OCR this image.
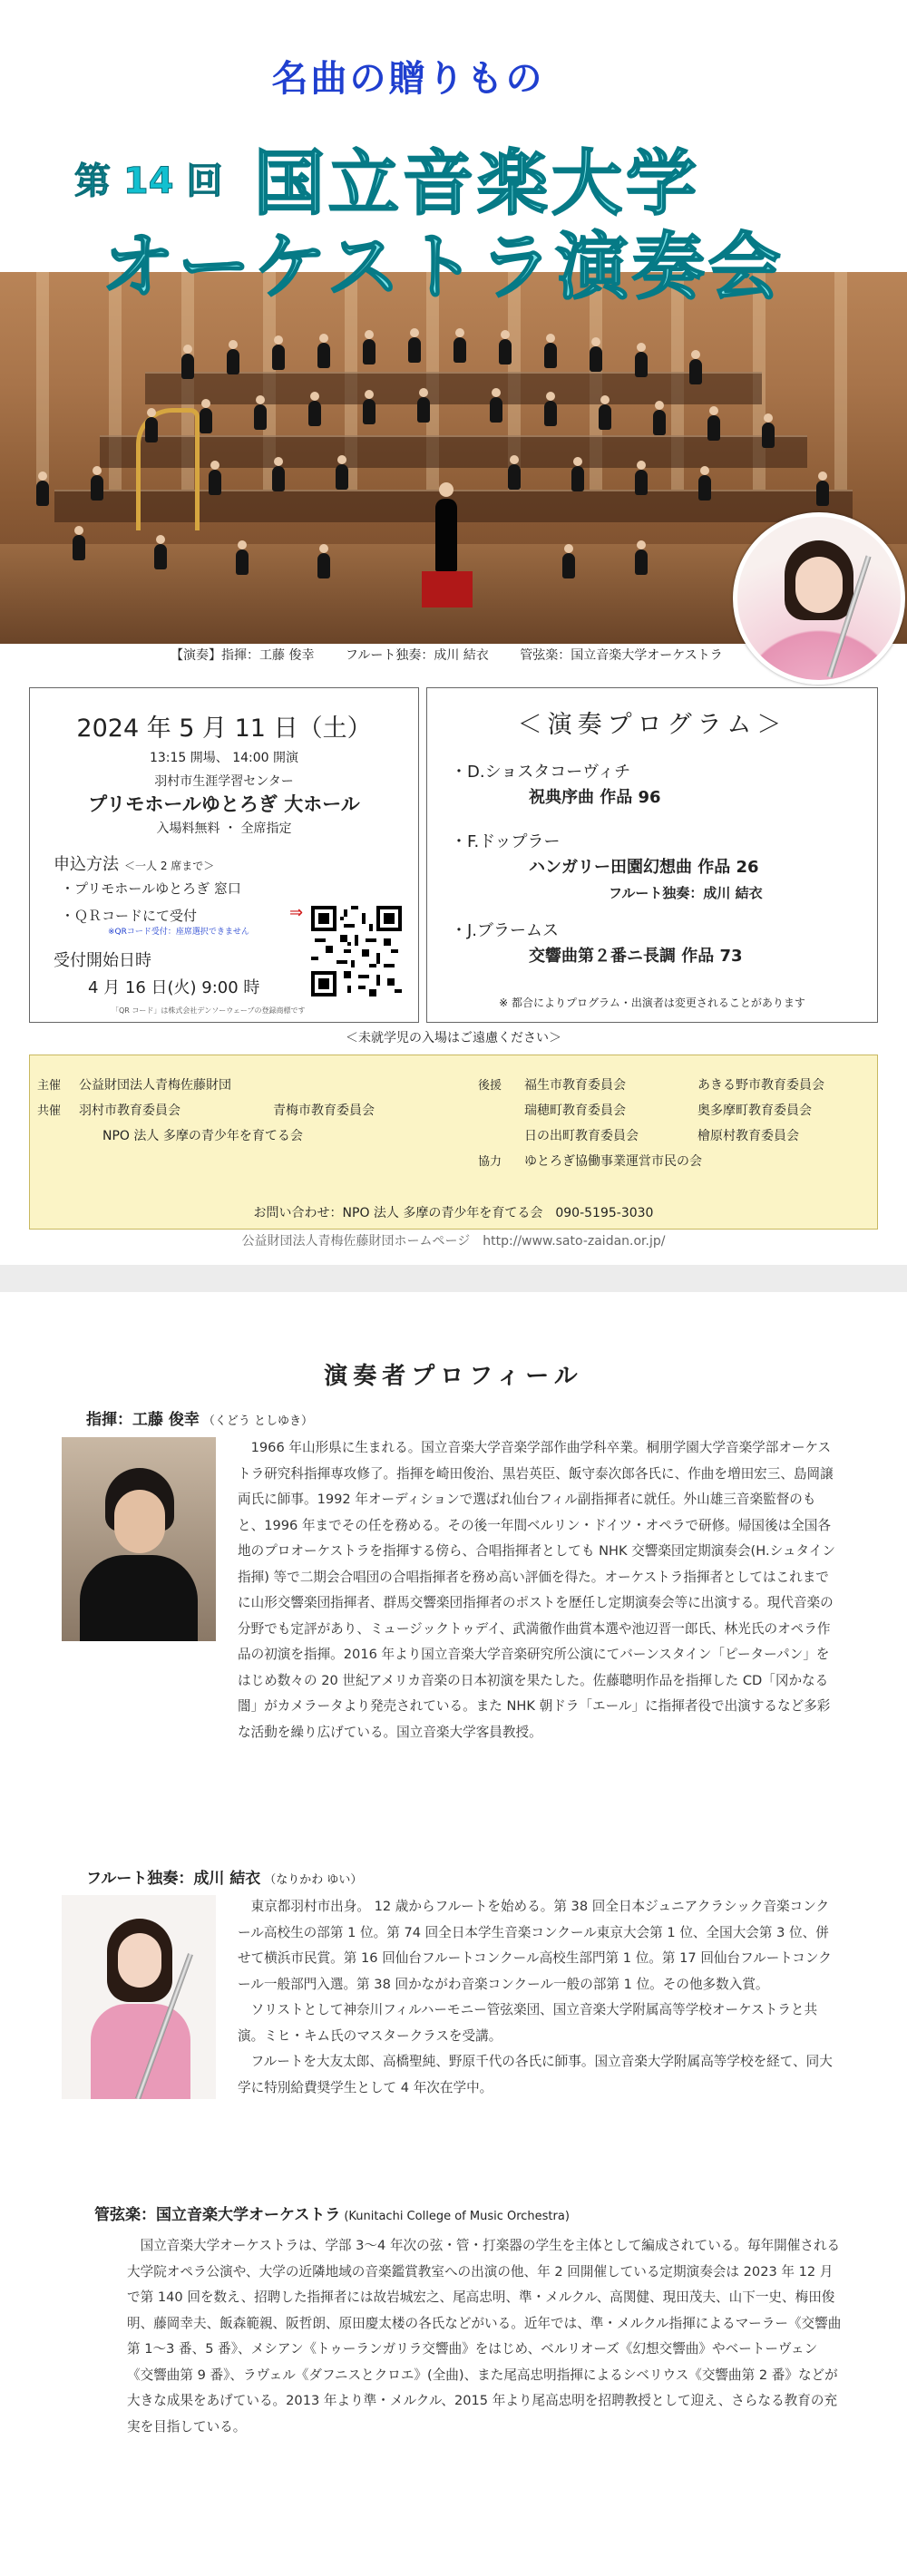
名曲の贈りもの
第 14 回 国立音楽大学
オーケストラ演奏会
【演奏】指揮：工藤 俊幸 フルート独奏：成川 結衣 管弦楽：国立音楽大学オーケストラ
2024 年 5 月 11 日（土）
13:15 開場、 14:00 開演
羽村市生涯学習センター
プリモホールゆとろぎ 大ホール
入場料無料 ・ 全席指定
申込方法 ＜一人 2 席まで＞
・プリモホールゆとろぎ 窓口
・ＱＲコードにて受付
※QRコード受付：座席選択できません
⇒
受付開始日時
4 月 16 日(火) 9:00 時
「QR コード」は株式会社デンソーウェーブの登録商標です
＜演奏プログラム＞
・D.ショスタコーヴィチ
祝典序曲 作品 96
・F.ドップラー
ハンガリー田園幻想曲 作品 26
フルート独奏：成川 結衣
・J.ブラームス
交響曲第２番ニ長調 作品 73
※ 都合によりプログラム・出演者は変更されることがあります
＜未就学児の入場はご遠慮ください＞
主催 公益財団法人青梅佐藤財団
共催 羽村市教育委員会	青梅市教育委員会
NPO 法人 多摩の青少年を育てる会
後援 福生市教育委員会	あきる野市教育委員会
瑞穂町教育委員会	奥多摩町教育委員会
日の出町教育委員会	檜原村教育委員会
協力 ゆとろぎ協働事業運営市民の会
お問い合わせ：NPO 法人 多摩の青少年を育てる会　090-5195-3030
公益財団法人青梅佐藤財団ホームページ　http://www.sato-zaidan.or.jp/
演奏者プロフィール
指揮：工藤 俊幸 （くどう としゆき）

1966 年山形県に生まれる。国立音楽大学音楽学部作曲学科卒業。桐朋学園大学音楽学部オーケストラ研究科指揮専攻修了。指揮を崎田俊治、黒岩英臣、飯守泰次郎各氏に、作曲を増田宏三、島岡譲両氏に師事。1992 年オーディションで選ばれ仙台フィル副指揮者に就任。外山雄三音楽監督のもと、1996 年までその任を務める。その後一年間ベルリン・ドイツ・オペラで研修。帰国後は全国各地のプロオーケストラを指揮する傍ら、合唱指揮者としても NHK 交響楽団定期演奏会(H.シュタイン指揮) 等で二期会合唱団の合唱指揮者を務め高い評価を得た。オーケストラ指揮者としてはこれまでに山形交響楽団指揮者、群馬交響楽団指揮者のポストを歴任し定期演奏会等に出演する。現代音楽の分野でも定評があり、ミュージックトゥデイ、武満徹作曲賞本選や池辺晋一郎氏、林光氏のオペラ作品の初演を指揮。2016 年より国立音楽大学音楽研究所公演にてバーンスタイン「ピーターパン」をはじめ数々の 20 世紀アメリカ音楽の日本初演を果たした。佐藤聰明作品を指揮した CD「冈かなる闇」がカメラータより発売されている。また NHK 朝ドラ「エール」に指揮者役で出演するなど多彩な活動を繰り広げている。国立音楽大学客員教授。

フルート独奏：成川 結衣 （なりかわ ゆい）

東京都羽村市出身。 12 歳からフルートを始める。第 38 回全日本ジュニアクラシック音楽コンクール高校生の部第 1 位。第 74 回全日本学生音楽コンクール東京大会第 1 位、全国大会第 3 位、併せて横浜市民賞。第 16 回仙台フルートコンクール高校生部門第 1 位。第 17 回仙台フルートコンクール一般部門入選。第 38 回かながわ音楽コンクール一般の部第 1 位。その他多数入賞。

ソリストとして神奈川フィルハーモニー管弦楽団、国立音楽大学附属高等学校オーケストラと共演。ミヒ・キム氏のマスタークラスを受講。

フルートを大友太郎、高橋聖純、野原千代の各氏に師事。国立音楽大学附属高等学校を経て、同大学に特別給費奨学生として 4 年次在学中。

管弦楽：国立音楽大学オーケストラ (Kunitachi College of Music Orchestra)

国立音楽大学オーケストラは、学部 3～4 年次の弦・管・打楽器の学生を主体として編成されている。毎年開催される大学院オペラ公演や、大学の近隣地域の音楽鑑賞教室への出演の他、年 2 回開催している定期演奏会は 2023 年 12 月で第 140 回を数え、招聘した指揮者には故岩城宏之、尾高忠明、準・メルクル、高関健、現田茂夫、山下一史、梅田俊明、藤岡幸夫、飯森範親、阪哲朗、原田慶太楼の各氏などがいる。近年では、準・メルクル指揮によるマーラー《交響曲 第 1～3 番、5 番》、メシアン《トゥーランガリラ交響曲》をはじめ、ベルリオーズ《幻想交響曲》やベートーヴェン《交響曲第 9 番》、ラヴェル《ダフニスとクロエ》(全曲)、また尾高忠明指揮によるシベリウス《交響曲第 2 番》などが大きな成果をあげている。2013 年より準・メルクル、2015 年より尾高忠明を招聘教授として迎え、さらなる教育の充実を目指している。
